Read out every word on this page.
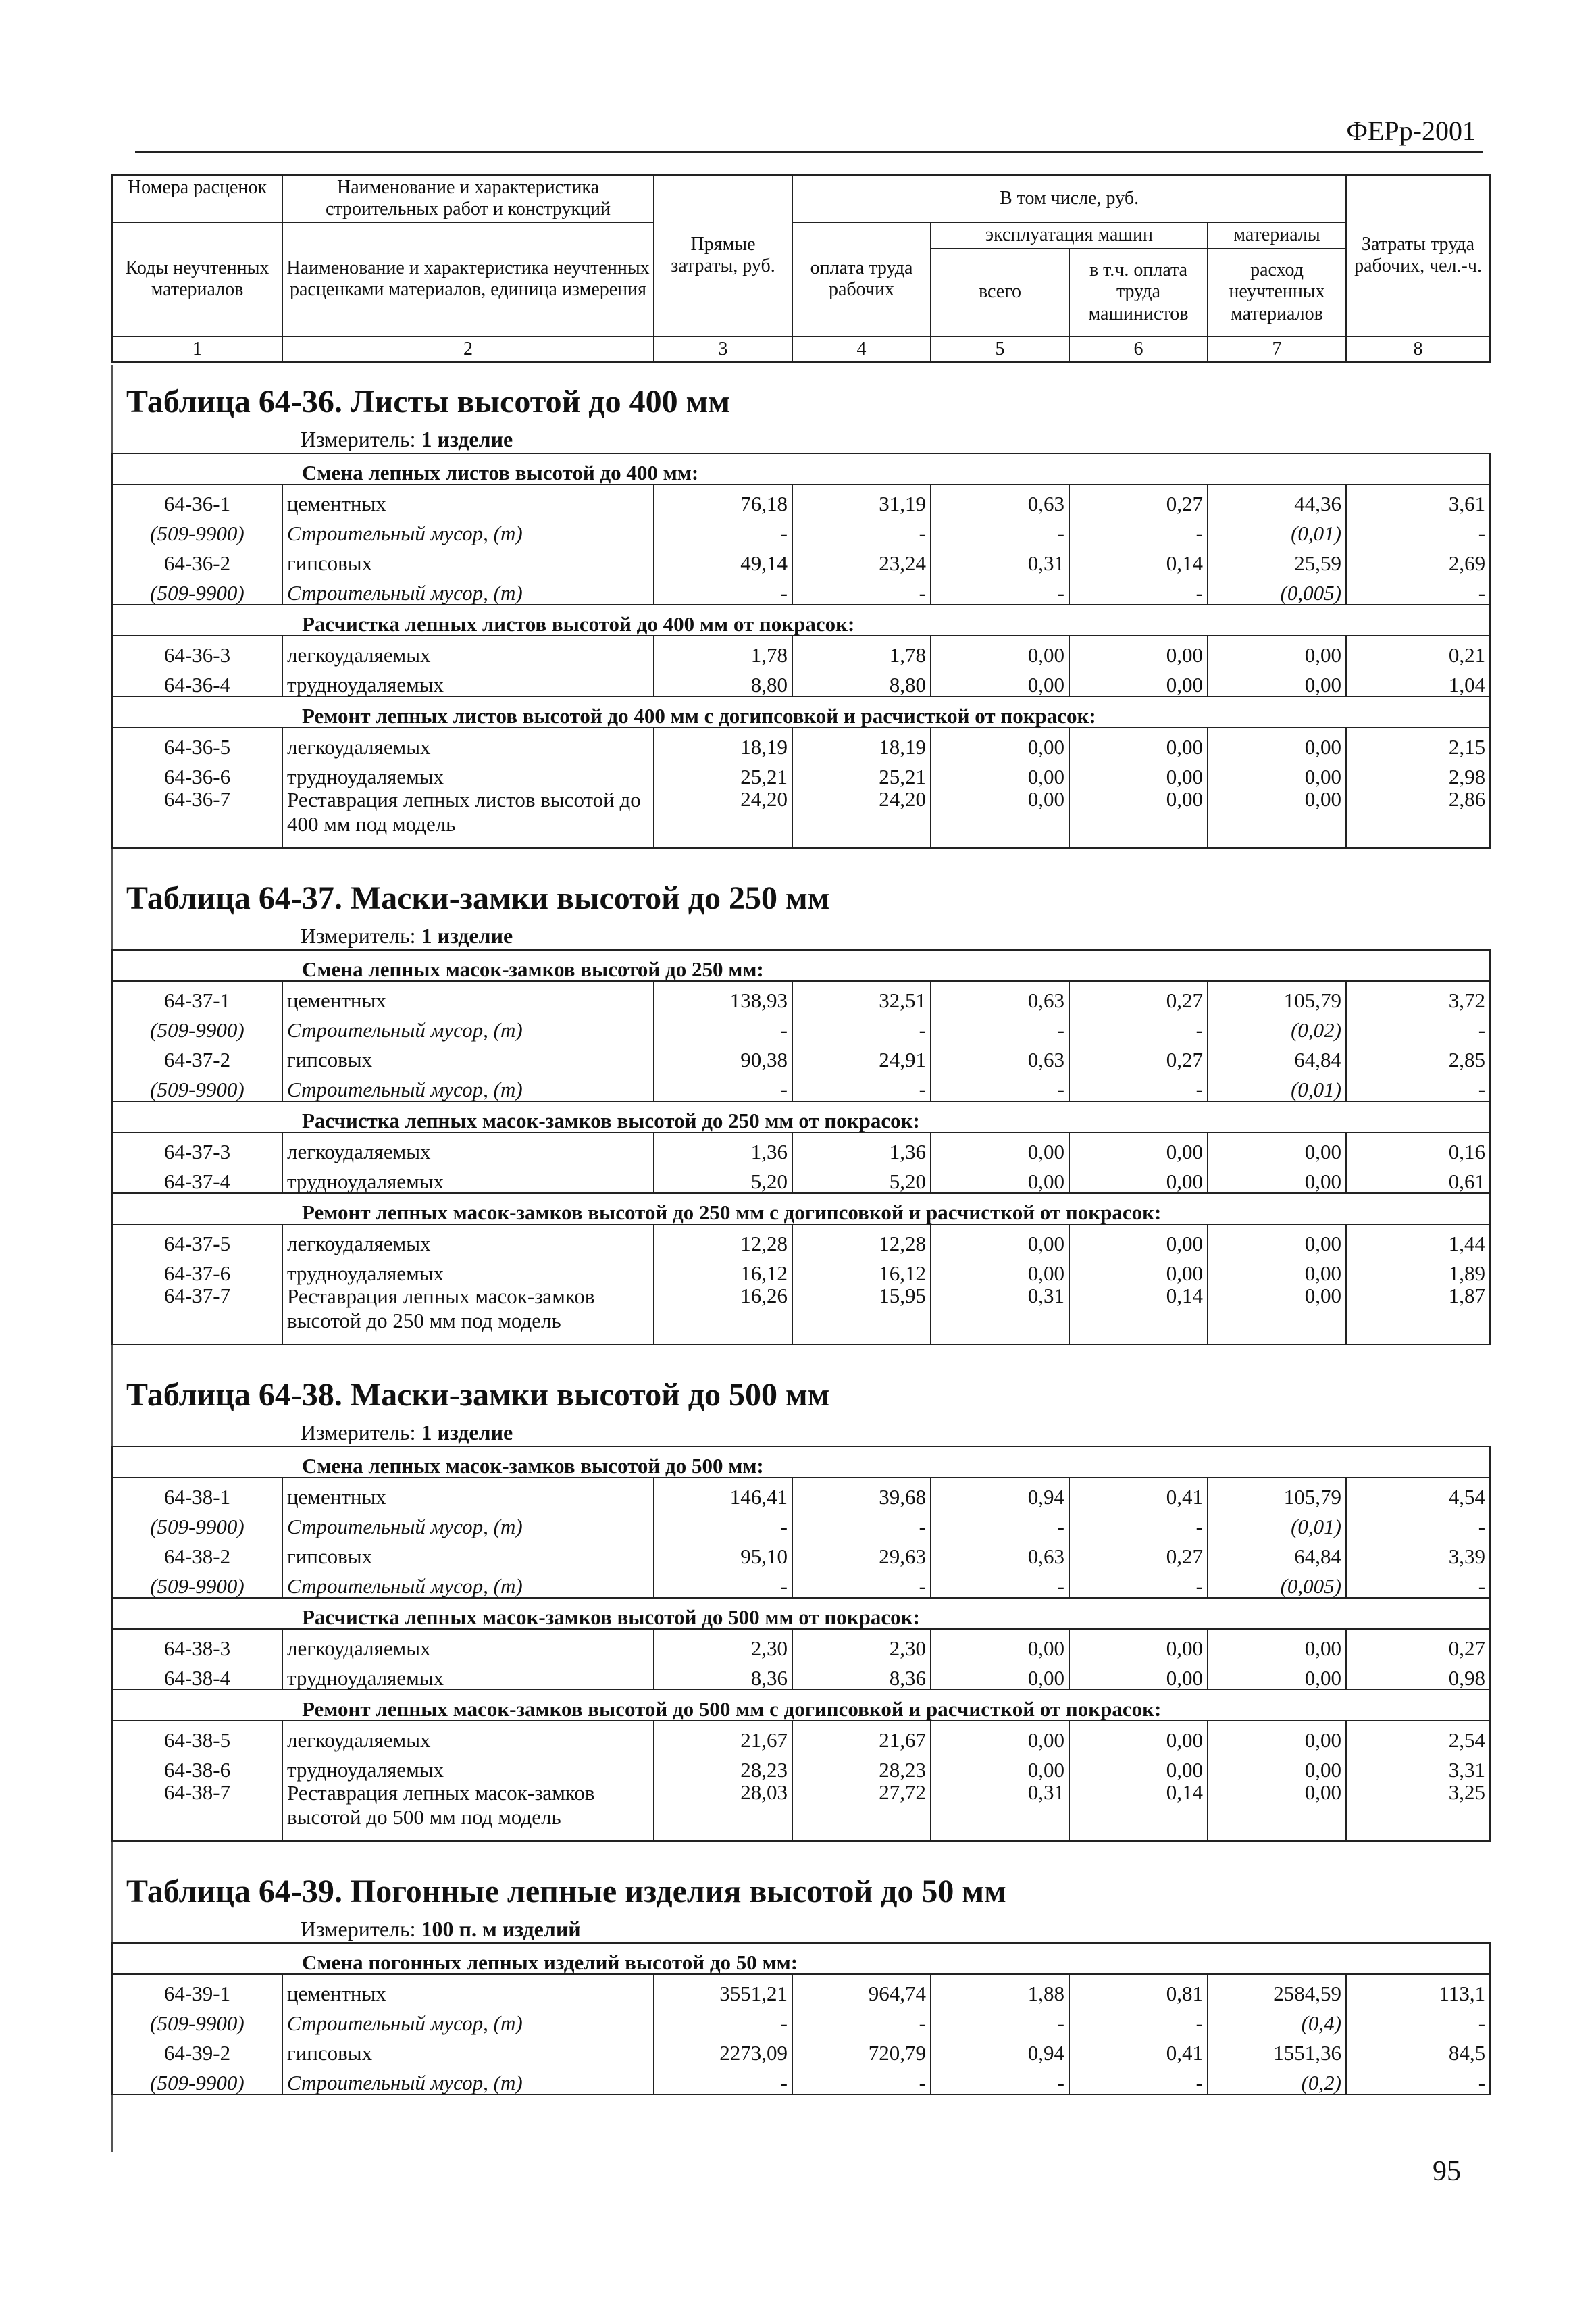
ФЕРр-2001
Номера расценок	Наименование и характеристика строительных работ и конструкций	Прямые затраты, руб.	В том числе, руб.				Затраты труда рабочих, чел.-ч.
Коды неучтенных материалов	Наименование и характеристика неучтенных расценками материалов, единица измерения		оплата труда рабочих	эксплуатация машин		материалы	
				всего	в т.ч. оплата труда машинистов	расход неучтенных материалов	
1	2	3	4	5	6	7	8
Таблица 64-36. Листы высотой до 400 мм
Измеритель: 1 изделие
Смена лепных листов высотой до 400 мм:							
64-36-1	цементных	76,18	31,19	0,63	0,27	44,36	3,61
(509-9900)	Строительный мусор, (т)	-	-	-	-	(0,01)	-
64-36-2	гипсовых	49,14	23,24	0,31	0,14	25,59	2,69
(509-9900)	Строительный мусор, (т)	-	-	-	-	(0,005)	-
Расчистка лепных листов высотой до 400 мм от покрасок:							
64-36-3	легкоудаляемых	1,78	1,78	0,00	0,00	0,00	0,21
64-36-4	трудноудаляемых	8,80	8,80	0,00	0,00	0,00	1,04
Ремонт лепных листов высотой до 400 мм с догипсовкой и расчисткой от покрасок:							
64-36-5	легкоудаляемых	18,19	18,19	0,00	0,00	0,00	2,15
64-36-6	трудноудаляемых	25,21	25,21	0,00	0,00	0,00	2,98
64-36-7	Реставрация лепных листов высотой до 400 мм под модель	24,20	24,20	0,00	0,00	0,00	2,86
Таблица 64-37. Маски-замки высотой до 250 мм
Измеритель: 1 изделие
Смена лепных масок-замков высотой до 250 мм:							
64-37-1	цементных	138,93	32,51	0,63	0,27	105,79	3,72
(509-9900)	Строительный мусор, (т)	-	-	-	-	(0,02)	-
64-37-2	гипсовых	90,38	24,91	0,63	0,27	64,84	2,85
(509-9900)	Строительный мусор, (т)	-	-	-	-	(0,01)	-
Расчистка лепных масок-замков высотой до 250 мм от покрасок:							
64-37-3	легкоудаляемых	1,36	1,36	0,00	0,00	0,00	0,16
64-37-4	трудноудаляемых	5,20	5,20	0,00	0,00	0,00	0,61
Ремонт лепных масок-замков высотой до 250 мм с догипсовкой и расчисткой от покрасок:							
64-37-5	легкоудаляемых	12,28	12,28	0,00	0,00	0,00	1,44
64-37-6	трудноудаляемых	16,12	16,12	0,00	0,00	0,00	1,89
64-37-7	Реставрация лепных масок-замков высотой до 250 мм под модель	16,26	15,95	0,31	0,14	0,00	1,87
Таблица 64-38. Маски-замки высотой до 500 мм
Измеритель: 1 изделие
Смена лепных масок-замков высотой до 500 мм:							
64-38-1	цементных	146,41	39,68	0,94	0,41	105,79	4,54
(509-9900)	Строительный мусор, (т)	-	-	-	-	(0,01)	-
64-38-2	гипсовых	95,10	29,63	0,63	0,27	64,84	3,39
(509-9900)	Строительный мусор, (т)	-	-	-	-	(0,005)	-
Расчистка лепных масок-замков высотой до 500 мм от покрасок:							
64-38-3	легкоудаляемых	2,30	2,30	0,00	0,00	0,00	0,27
64-38-4	трудноудаляемых	8,36	8,36	0,00	0,00	0,00	0,98
Ремонт лепных масок-замков высотой до 500 мм с догипсовкой и расчисткой от покрасок:							
64-38-5	легкоудаляемых	21,67	21,67	0,00	0,00	0,00	2,54
64-38-6	трудноудаляемых	28,23	28,23	0,00	0,00	0,00	3,31
64-38-7	Реставрация лепных масок-замков высотой до 500 мм под модель	28,03	27,72	0,31	0,14	0,00	3,25
Таблица 64-39. Погонные лепные изделия высотой до 50 мм
Измеритель: 100 п. м изделий
Смена погонных лепных изделий высотой до 50 мм:							
64-39-1	цементных	3551,21	964,74	1,88	0,81	2584,59	113,1
(509-9900)	Строительный мусор, (т)	-	-	-	-	(0,4)	-
64-39-2	гипсовых	2273,09	720,79	0,94	0,41	1551,36	84,5
(509-9900)	Строительный мусор, (т)	-	-	-	-	(0,2)	-
95
